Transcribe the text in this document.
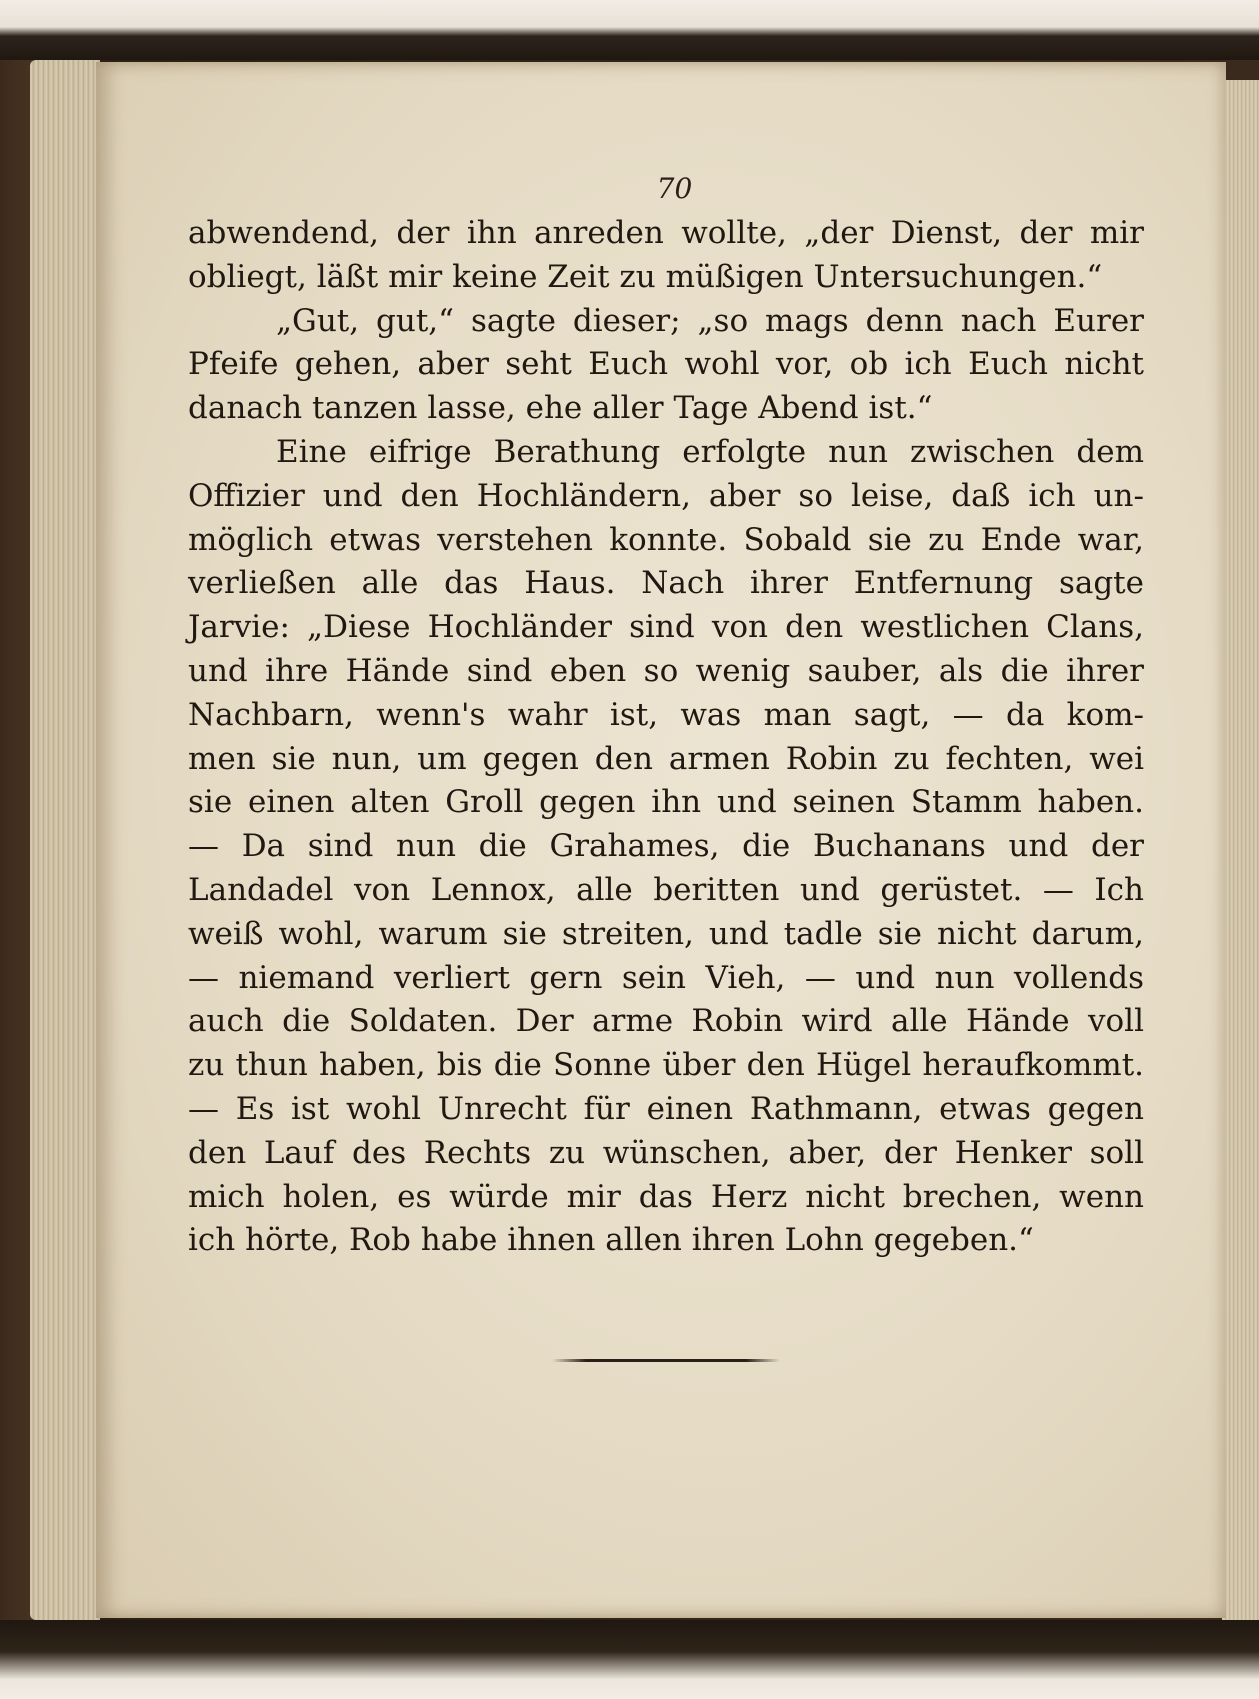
70
abwendend, der ihn anreden wollte, „der Dienst, der mir
obliegt, läßt mir keine Zeit zu müßigen Untersuchungen.“
„Gut, gut,“ sagte dieser; „so mags denn nach Eurer
Pfeife gehen, aber seht Euch wohl vor, ob ich Euch nicht
danach tanzen lasse, ehe aller Tage Abend ist.“
Eine eifrige Berathung erfolgte nun zwischen dem
Offizier und den Hochländern, aber so leise, daß ich un-
möglich etwas verstehen konnte. Sobald sie zu Ende war,
verließen alle das Haus. Nach ihrer Entfernung sagte
Jarvie: „Diese Hochländer sind von den westlichen Clans,
und ihre Hände sind eben so wenig sauber, als die ihrer
Nachbarn, wenn's wahr ist, was man sagt, — da kom-
men sie nun, um gegen den armen Robin zu fechten, wei
sie einen alten Groll gegen ihn und seinen Stamm haben.
— Da sind nun die Grahames, die Buchanans und der
Landadel von Lennox, alle beritten und gerüstet. — Ich
weiß wohl, warum sie streiten, und tadle sie nicht darum,
— niemand verliert gern sein Vieh, — und nun vollends
auch die Soldaten. Der arme Robin wird alle Hände voll
zu thun haben, bis die Sonne über den Hügel heraufkommt.
— Es ist wohl Unrecht für einen Rathmann, etwas gegen
den Lauf des Rechts zu wünschen, aber, der Henker soll
mich holen, es würde mir das Herz nicht brechen, wenn
ich hörte, Rob habe ihnen allen ihren Lohn gegeben.“
